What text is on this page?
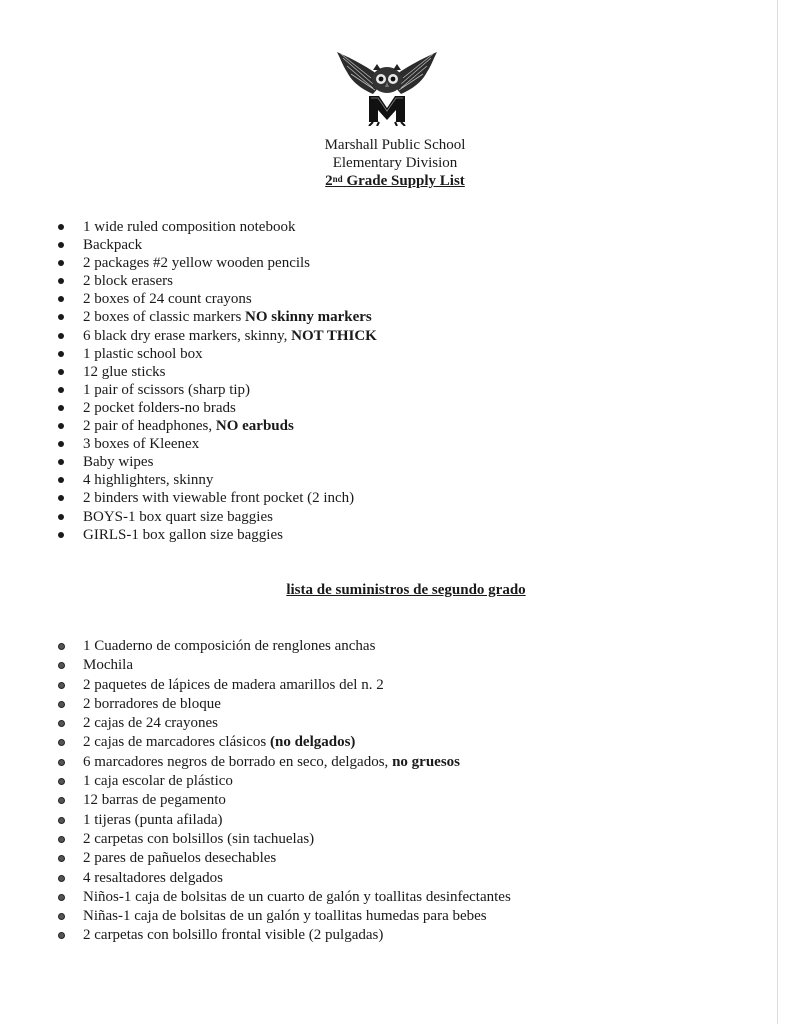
Marshall Public School
Elementary Division
2nd Grade Supply List
1 wide ruled composition notebook
Backpack
2 packages #2 yellow wooden pencils
2 block erasers
2 boxes of 24 count crayons
2 boxes of classic markers NO skinny markers
6 black dry erase markers, skinny, NOT THICK
1 plastic school box
12 glue sticks
1 pair of scissors (sharp tip)
2 pocket folders-no brads
2 pair of headphones, NO earbuds
3 boxes of Kleenex
Baby wipes
4 highlighters, skinny
2 binders with viewable front pocket (2 inch)
BOYS-1 box quart size baggies
GIRLS-1 box gallon size baggies
lista de suministros de segundo grado
1 Cuaderno de composición de renglones anchas
Mochila
2 paquetes de lápices de madera amarillos del n. 2
2 borradores de bloque
2 cajas de 24 crayones
2 cajas de marcadores clásicos (no delgados)
6 marcadores negros de borrado en seco, delgados, no gruesos
1 caja escolar de plástico
12 barras de pegamento
1 tijeras (punta afilada)
2 carpetas con bolsillos (sin tachuelas)
2 pares de pañuelos desechables
4 resaltadores delgados
Niños-1 caja de bolsitas de un cuarto de galón y toallitas desinfectantes
Niñas-1 caja de bolsitas de un galón y toallitas humedas para bebes
2 carpetas con bolsillo frontal visible (2 pulgadas)
